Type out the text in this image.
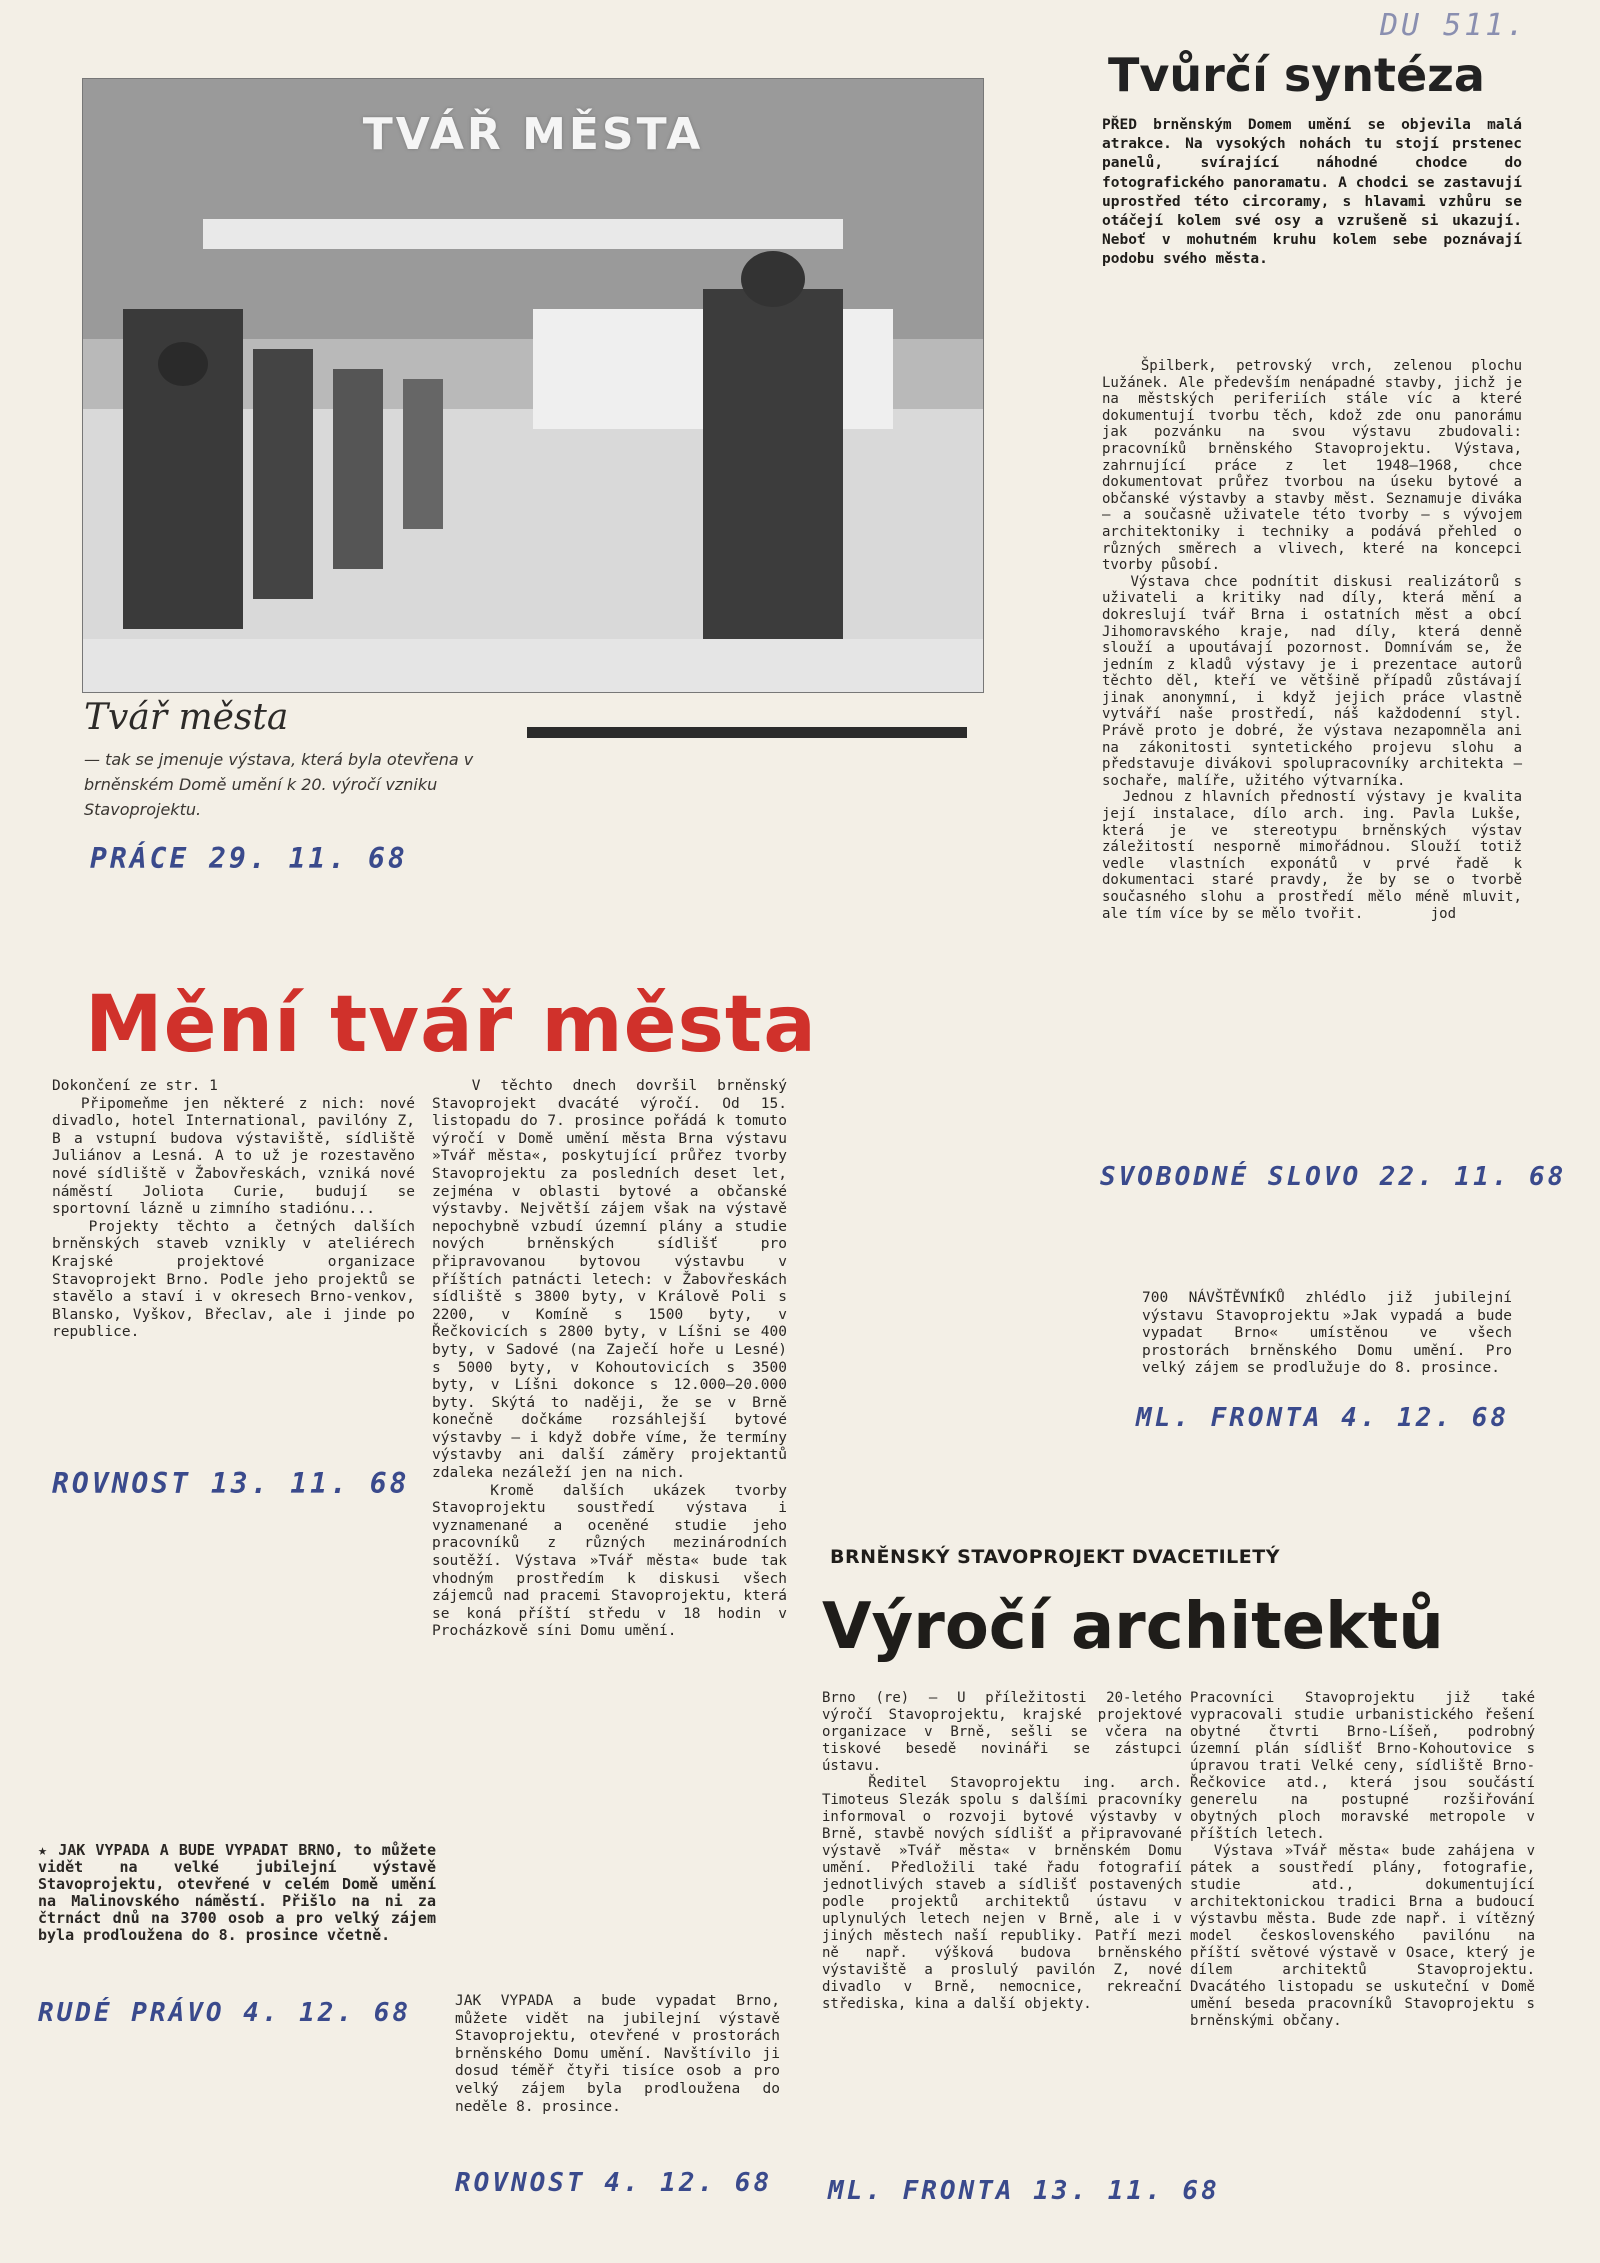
DU 511.
TVÁŘ MĚSTA
Tvář města
— tak se jmenuje výstava, která byla otevřena v brněnském Domě umění k 20. výročí vzniku Stavoprojektu.
PRÁCE 29. 11. 68
Mění tvář města
Dokončení ze str. 1
Připomeňme jen některé z nich: nové divadlo, hotel International, pavilóny Z, B a vstupní budova výstaviště, sídliště Juliánov a Lesná. A to už je rozestavěno nové sídliště v Žabovřeskách, vzniká nové náměstí Joliota Curie, budují se sportovní lázně u zimního stadiónu...
Projekty těchto a četných dalších brněnských staveb vznikly v ateliérech Krajské projektové organizace Stavoprojekt Brno. Podle jeho projektů se stavělo a staví i v okresech Brno-venkov, Blansko, Vyškov, Břeclav, ale i jinde po republice.
V těchto dnech dovršil brněnský Stavoprojekt dvacáté výročí. Od 15. listopadu do 7. prosince pořádá k tomuto výročí v Domě umění města Brna výstavu »Tvář města«, poskytující průřez tvorby Stavoprojektu za posledních deset let, zejména v oblasti bytové a občanské výstavby. Největší zájem však na výstavě nepochybně vzbudí územní plány a studie nových brněnských sídlišť pro připravovanou bytovou výstavbu v příštích patnácti letech: v Žabovřeskách sídliště s 3800 byty, v Králově Poli s 2200, v Komíně s 1500 byty, v Řečkovicích s 2800 byty, v Líšni se 400 byty, v Sadové (na Zaječí hoře u Lesné) s 5000 byty, v Kohoutovicích s 3500 byty, v Líšni dokonce s 12.000—20.000 byty. Skýtá to naději, že se v Brně konečně dočkáme rozsáhlejší bytové výstavby — i když dobře víme, že termíny výstavby ani další záměry projektantů zdaleka nezáleží jen na nich.
Kromě dalších ukázek tvorby Stavoprojektu soustředí výstava i vyznamenané a oceněné studie jeho pracovníků z různých mezinárodních soutěží. Výstava »Tvář města« bude tak vhodným prostředím k diskusi všech zájemců nad pracemi Stavoprojektu, která se koná příští středu v 18 hodin v Procházkově síni Domu umění.
ROVNOST 13. 11. 68
★ JAK VYPADA A BUDE VYPADAT BRNO, to můžete vidět na velké jubilejní výstavě Stavoprojektu, otevřené v celém Domě umění na Malinovského náměstí. Přišlo na ni za čtrnáct dnů na 3700 osob a pro velký zájem byla prodloužena do 8. prosince včetně.
RUDÉ PRÁVO 4. 12. 68	JAK VYPADA a bude vypadat Brno, můžete vidět na jubilejní výstavě Stavoprojektu, otevřené v prostorách brněnského Domu umění. Navštívilo ji dosud téměř čtyři tisíce osob a pro velký zájem byla prodloužena do neděle 8. prosince.
ROVNOST 4. 12. 68
Tvůrčí syntéza
PŘED brněnským Domem umění se objevila malá atrakce. Na vysokých nohách tu stojí prstenec panelů, svírající náhodné chodce do fotografického panoramatu. A chodci se zastavují uprostřed této circoramy, s hlavami vzhůru se otáčejí kolem své osy a vzrušeně si ukazují. Neboť v mohutném kruhu kolem sebe poznávají podobu svého města.
Špilberk, petrovský vrch, zelenou plochu Lužánek. Ale především nenápadné stavby, jichž je na městských periferiích stále víc a které dokumentují tvorbu těch, kdož zde onu panorámu jak pozvánku na svou výstavu zbudovali: pracovníků brněnského Stavoprojektu. Výstava, zahrnující práce z let 1948—1968, chce dokumentovat průřez tvorbou na úseku bytové a občanské výstavby a stavby měst. Seznamuje diváka — a současně uživatele této tvorby — s vývojem architektoniky i techniky a podává přehled o různých směrech a vlivech, které na koncepci tvorby působí.
Výstava chce podnítit diskusi realizátorů s uživateli a kritiky nad díly, která mění a dokreslují tvář Brna i ostatních měst a obcí Jihomoravského kraje, nad díly, která denně slouží a upoutávají pozornost. Domnívám se, že jedním z kladů výstavy je i prezentace autorů těchto děl, kteří ve většině případů zůstávají jinak anonymní, i když jejich práce vlastně vytváří naše prostředí, náš každodenní styl. Právě proto je dobré, že výstava nezapomněla ani na zákonitosti syntetického projevu slohu a představuje divákovi spolupracovníky architekta — sochaře, malíře, užitého výtvarníka.
Jednou z hlavních předností výstavy je kvalita její instalace, dílo arch. ing. Pavla Lukše, která je ve stereotypu brněnských výstav záležitostí nesporně mimořádnou. Slouží totiž vedle vlastních exponátů v prvé řadě k dokumentaci staré pravdy, že by se o tvorbě současného slohu a prostředí mělo méně mluvit, ale tím více by se mělo tvořit.        jod
SVOBODNÉ SLOVO 22. 11. 68
700 NÁVŠTĚVNÍKŮ zhlédlo již jubilejní výstavu Stavoprojektu »Jak vypadá a bude vypadat Brno« umístěnou ve všech prostorách brněnského Domu umění. Pro velký zájem se prodlužuje do 8. prosince.
ML. FRONTA 4. 12. 68
BRNĚNSKÝ STAVOPROJEKT DVACETILETÝ
Výročí architektů
Brno (re) — U příležitosti 20-letého výročí Stavoprojektu, krajské projektové organizace v Brně, sešli se včera na tiskové besedě novináři se zástupci ústavu.
Ředitel Stavoprojektu ing. arch. Timoteus Slezák spolu s dalšími pracovníky informoval o rozvoji bytové výstavby v Brně, stavbě nových sídlišť a připravované výstavě »Tvář města« v brněnském Domu umění. Předložili také řadu fotografií jednotlivých staveb a sídlišť postavených podle projektů architektů ústavu v uplynulých letech nejen v Brně, ale i v jiných městech naší republiky. Patří mezi ně např. výšková budova brněnského výstaviště a proslulý pavilón Z, nové divadlo v Brně, nemocnice, rekreační střediska, kina a další objekty.
Pracovníci Stavoprojektu již také vypracovali studie urbanistického řešení obytné čtvrti Brno-Líšeň, podrobný územní plán sídlišť Brno-Kohoutovice s úpravou trati Velké ceny, sídliště Brno-Řečkovice atd., která jsou součástí generelu na postupné rozšiřování obytných ploch moravské metropole v příštích letech.
Výstava »Tvář města« bude zahájena v pátek a soustředí plány, fotografie, studie atd., dokumentující architektonickou tradici Brna a budoucí výstavbu města. Bude zde např. i vítězný model československého pavilónu na příští světové výstavě v Osace, který je dílem architektů Stavoprojektu. Dvacátého listopadu se uskuteční v Domě umění beseda pracovníků Stavoprojektu s brněnskými občany.
ML. FRONTA 13. 11. 68
